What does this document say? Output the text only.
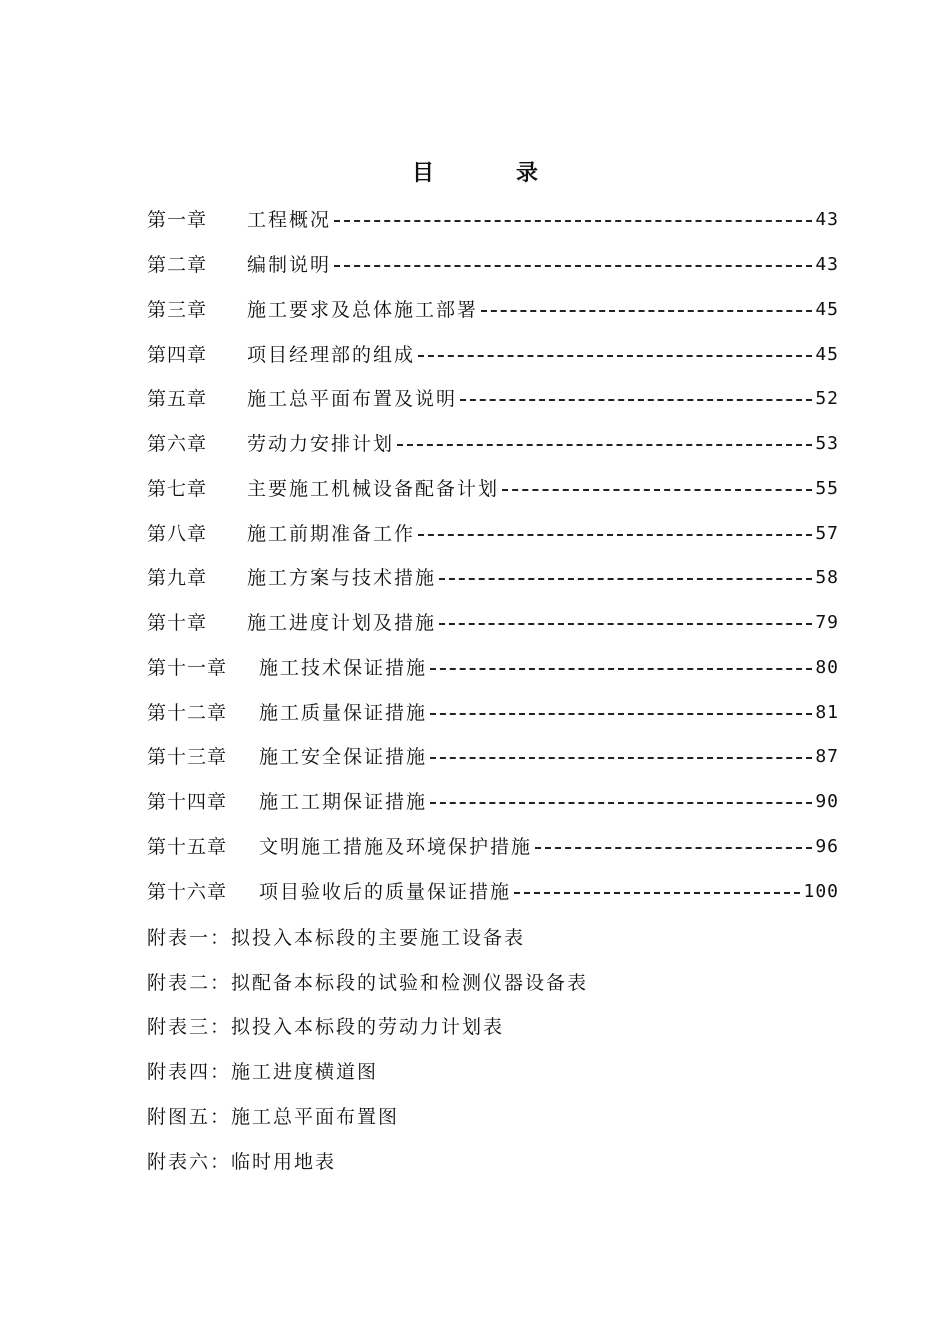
目录
第一章	工程概况	43
第二章	编制说明	43
第三章	施工要求及总体施工部署	45
第四章	项目经理部的组成	45
第五章	施工总平面布置及说明	52
第六章	劳动力安排计划	53
第七章	主要施工机械设备配备计划	55
第八章	施工前期准备工作	57
第九章	施工方案与技术措施	58
第十章	施工进度计划及措施	79
第十一章	施工技术保证措施	80
第十二章	施工质量保证措施	81
第十三章	施工安全保证措施	87
第十四章	施工工期保证措施	90
第十五章	文明施工措施及环境保护措施	96
第十六章	项目验收后的质量保证措施	100
附表一：拟投入本标段的主要施工设备表
附表二：拟配备本标段的试验和检测仪器设备表
附表三：拟投入本标段的劳动力计划表
附表四：施工进度横道图
附图五：施工总平面布置图
附表六：临时用地表
